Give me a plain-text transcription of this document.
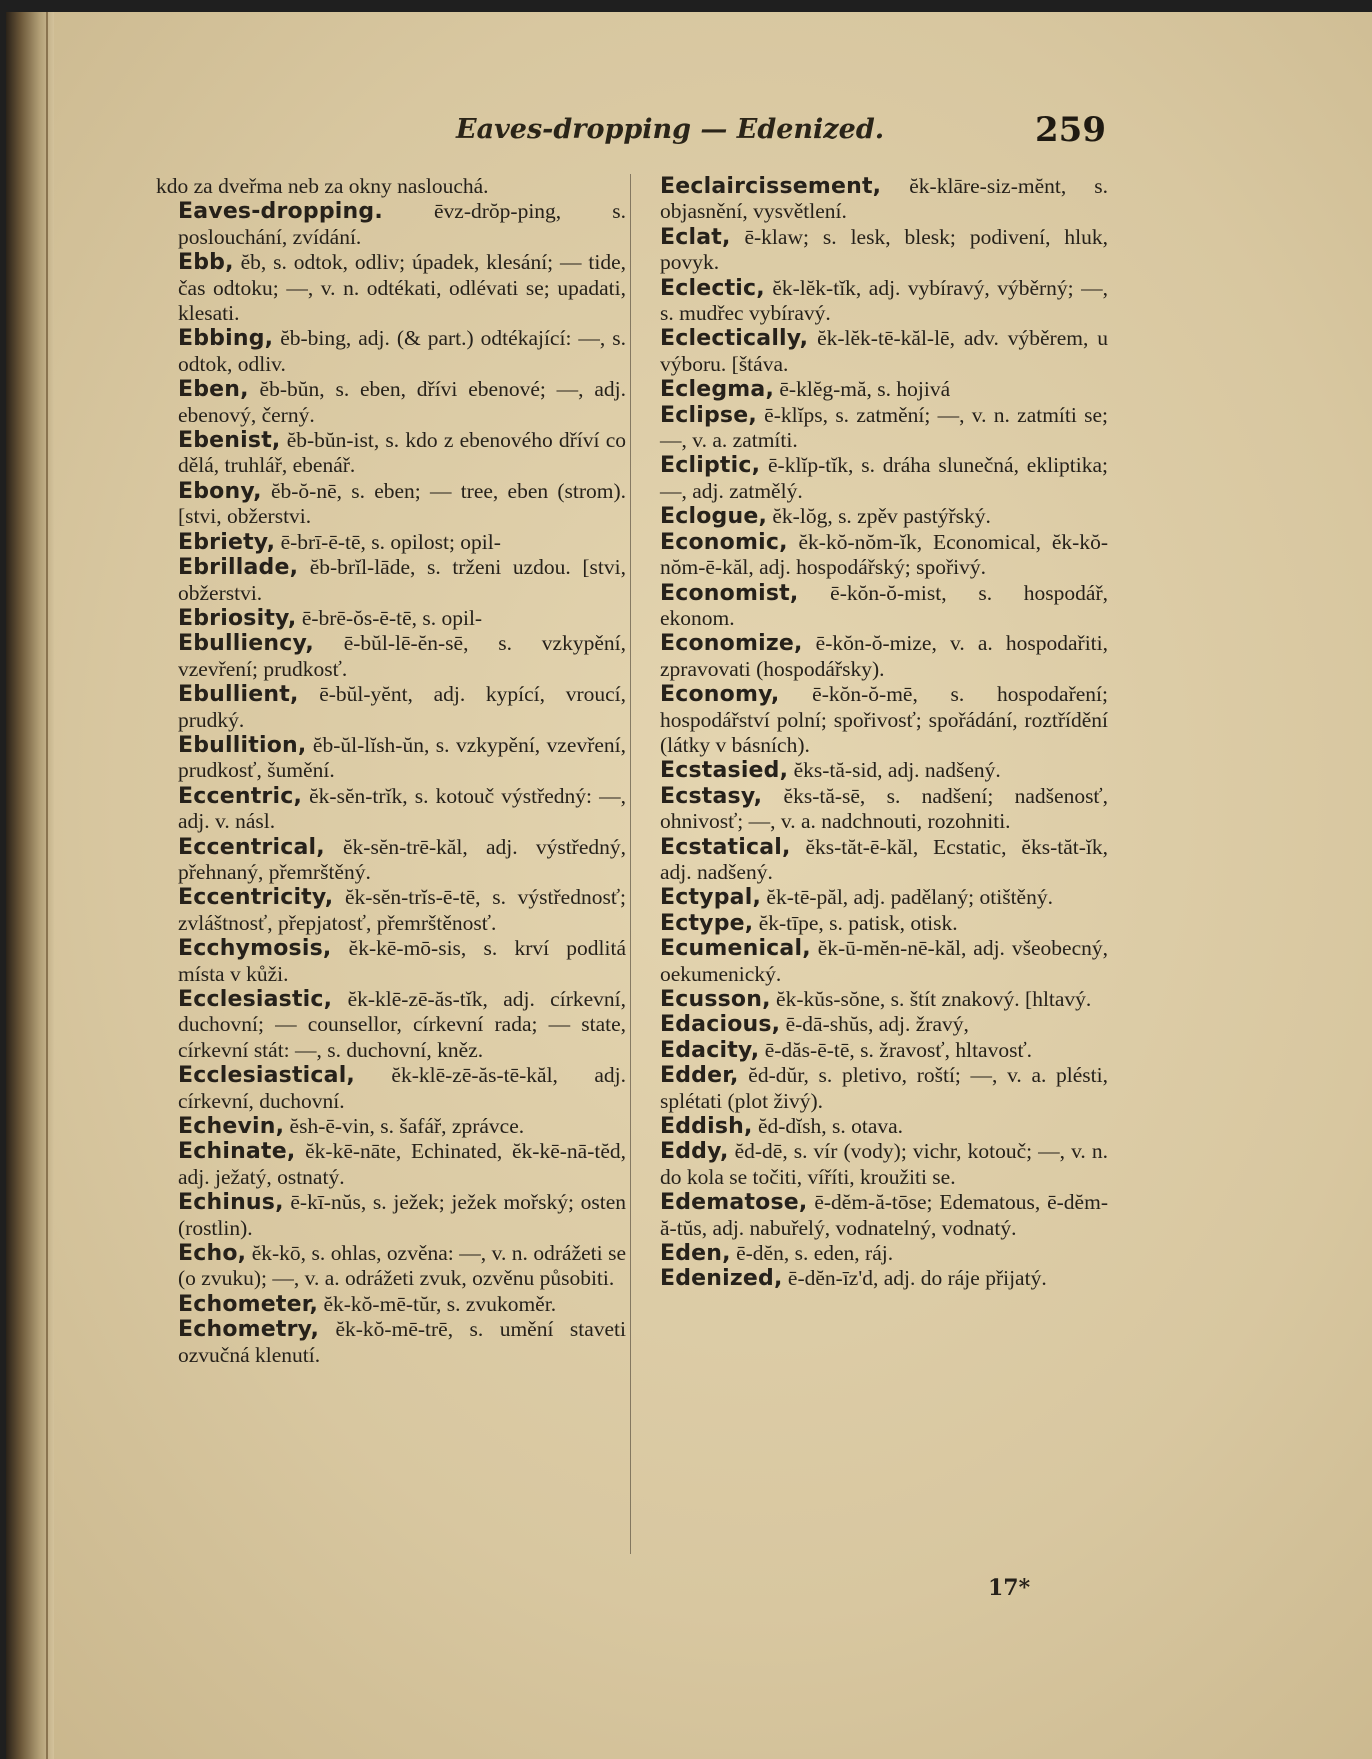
Eaves-dropping — Edenized.	259
kdo za dveřma neb za okny naslouchá.
Eaves-dropping. ēvz-drŏp-ping, s. poslouchání, zvídání.
Ebb, ĕb, s. odtok, odliv; úpadek, klesání; — tide, čas odtoku; —, v. n. odtékati, odlévati se; upadati, klesati.
Ebbing, ĕb-bing, adj. (& part.) odtékající: —, s. odtok, odliv.
Eben, ĕb-bŭn, s. eben, dřívi ebenové; —, adj. ebenový, černý.
Ebenist, ĕb-bŭn-ist, s. kdo z ebenového dříví co dělá, truhlář, ebenář.
Ebony, ĕb-ŏ-nē, s. eben; — tree, eben (strom). [stvi, obžerstvi.
Ebriety, ē-brī-ē-tē, s. opilost; opil-
Ebrillade, ĕb-brĭl-lāde, s. trženi uzdou. [stvi, obžerstvi.
Ebriosity, ē-brē-ŏs-ē-tē, s. opil-
Ebulliency, ē-bŭl-lē-ĕn-sē, s. vzkypění, vzevření; prudkosť.
Ebullient, ē-bŭl-yĕnt, adj. kypící, vroucí, prudký.
Ebullition, ĕb-ŭl-lĭsh-ŭn, s. vzkypění, vzevření, prudkosť, šumění.
Eccentric, ĕk-sĕn-trĭk, s. kotouč výstředný: —, adj. v. násl.
Eccentrical, ĕk-sĕn-trē-kăl, adj. výstředný, přehnaný, přemrštěný.
Eccentricity, ĕk-sĕn-trĭs-ē-tē, s. výstřednosť; zvláštnosť, přepjatosť, přemrštěnosť.
Ecchymosis, ĕk-kē-mō-sis, s. krví podlitá místa v kůži.
Ecclesiastic, ĕk-klē-zē-ăs-tĭk, adj. církevní, duchovní; — counsellor, církevní rada; — state, církevní stát: —, s. duchovní, kněz.
Ecclesiastical, ĕk-klē-zē-ăs-tē-kăl, adj. církevní, duchovní.
Echevin, ĕsh-ē-vin, s. šafář, zprávce.
Echinate, ĕk-kē-nāte, Echinated, ĕk-kē-nā-tĕd, adj. ježatý, ostnatý.
Echinus, ē-kī-nŭs, s. ježek; ježek mořský; osten (rostlin).
Echo, ĕk-kō, s. ohlas, ozvěna: —, v. n. odrážeti se (o zvuku); —, v. a. odrážeti zvuk, ozvěnu působiti.
Echometer, ĕk-kŏ-mē-tŭr, s. zvukoměr.
Echometry, ĕk-kŏ-mē-trē, s. umění staveti ozvučná klenutí.
Eeclaircissement, ĕk-klāre-siz-mĕnt, s. objasnění, vysvětlení.
Eclat, ē-klaw; s. lesk, blesk; podivení, hluk, povyk.
Eclectic, ĕk-lĕk-tĭk, adj. vybíravý, výběrný; —, s. mudřec vybíravý.
Eclectically, ĕk-lĕk-tē-kăl-lē, adv. výběrem, u výboru. [štáva.
Eclegma, ē-klĕg-mă, s. hojivá
Eclipse, ē-klĭps, s. zatmění; —, v. n. zatmíti se; —, v. a. zatmíti.
Ecliptic, ē-klĭp-tĭk, s. dráha slunečná, ekliptika; —, adj. zatmělý.
Eclogue, ĕk-lŏg, s. zpěv pastýřský.
Economic, ĕk-kŏ-nŏm-ĭk, Economical, ĕk-kŏ-nŏm-ē-kăl, adj. hospodářský; spořivý.
Economist, ē-kŏn-ŏ-mist, s. hospodář, ekonom.
Economize, ē-kŏn-ŏ-mize, v. a. hospodařiti, zpravovati (hospodářsky).
Economy, ē-kŏn-ŏ-mē, s. hospodaření; hospodářství polní; spořivosť; spořádání, roztřídění (látky v básních).
Ecstasied, ĕks-tă-sid, adj. nadšený.
Ecstasy, ĕks-tă-sē, s. nadšení; nadšenosť, ohnivosť; —, v. a. nadchnouti, rozohniti.
Ecstatical, ĕks-tăt-ē-kăl, Ecstatic, ĕks-tăt-ĭk, adj. nadšený.
Ectypal, ĕk-tē-păl, adj. padělaný; otištěný.
Ectype, ĕk-tīpe, s. patisk, otisk.
Ecumenical, ĕk-ū-mĕn-nē-kăl, adj. všeobecný, oekumenický.
Ecusson, ĕk-kŭs-sŏne, s. štít znakový. [hltavý.
Edacious, ē-dā-shŭs, adj. žravý,
Edacity, ē-dăs-ē-tē, s. žravosť, hltavosť.
Edder, ĕd-dŭr, s. pletivo, roští; —, v. a. plésti, splétati (plot živý).
Eddish, ĕd-dĭsh, s. otava.
Eddy, ĕd-dē, s. vír (vody); vichr, kotouč; —, v. n. do kola se točiti, víříti, kroužiti se.
Edematose, ē-dĕm-ă-tōse; Edematous, ē-dĕm-ă-tŭs, adj. nabuřelý, vodnatelný, vodnatý.
Eden, ē-dĕn, s. eden, ráj.
Edenized, ē-dĕn-īz'd, adj. do ráje přijatý.
17*
